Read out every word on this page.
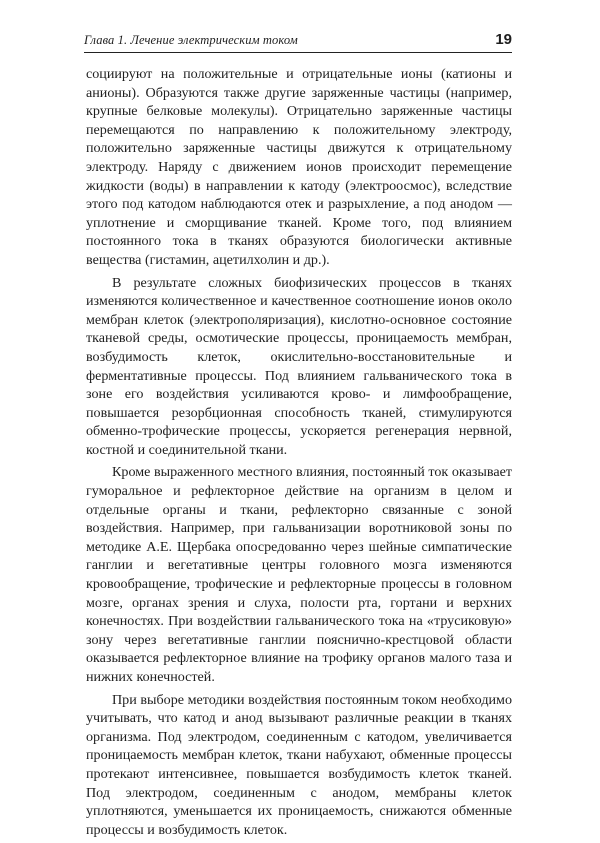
Глава 1. Лечение электрическим током	19

социируют на положительные и отрицательные ионы (катионы и анионы). Образуются также другие заряженные частицы (например, крупные белковые молекулы). Отрицательно заряженные частицы перемещаются по направлению к положительному электроду, положительно заряженные частицы движутся к отрицательному электроду. Наряду с движением ионов происходит перемещение жидкости (воды) в направлении к катоду (электроосмос), вследствие этого под катодом наблюдаются отек и разрыхление, а под анодом — уплотнение и сморщивание тканей. Кроме того, под влиянием постоянного тока в тканях образуются биологически активные вещества (гистамин, ацетилхолин и др.).

В результате сложных биофизических процессов в тканях изменяются количественное и качественное соотношение ионов около мембран клеток (электрополяризация), кислотно-основное состояние тканевой среды, осмотические процессы, проницаемость мембран, возбудимость клеток, окислительно-восстановительные и ферментативные процессы. Под влиянием гальванического тока в зоне его воздействия усиливаются крово- и лимфообращение, повышается резорбционная способность тканей, стимулируются обменно-трофические процессы, ускоряется регенерация нервной, костной и соединительной ткани.

Кроме выраженного местного влияния, постоянный ток оказывает гуморальное и рефлекторное действие на организм в целом и отдельные органы и ткани, рефлекторно связанные с зоной воздействия. Например, при гальванизации воротниковой зоны по методике А.Е. Щербака опосредованно через шейные симпатические ганглии и вегетативные центры головного мозга изменяются кровообращение, трофические и рефлекторные процессы в головном мозге, органах зрения и слуха, полости рта, гортани и верхних конечностях. При воздействии гальванического тока на «трусиковую» зону через вегетативные ганглии пояснично-крестцовой области оказывается рефлекторное влияние на трофику органов малого таза и нижних конечностей.

При выборе методики воздействия постоянным током необходимо учитывать, что катод и анод вызывают различные реакции в тканях организма. Под электродом, соединенным с катодом, увеличивается проницаемость мембран клеток, ткани набухают, обменные процессы протекают интенсивнее, повышается возбудимость клеток тканей. Под электродом, соединенным с анодом, мембраны клеток уплотняются, уменьшается их проницаемость, снижаются обменные процессы и возбудимость клеток.
